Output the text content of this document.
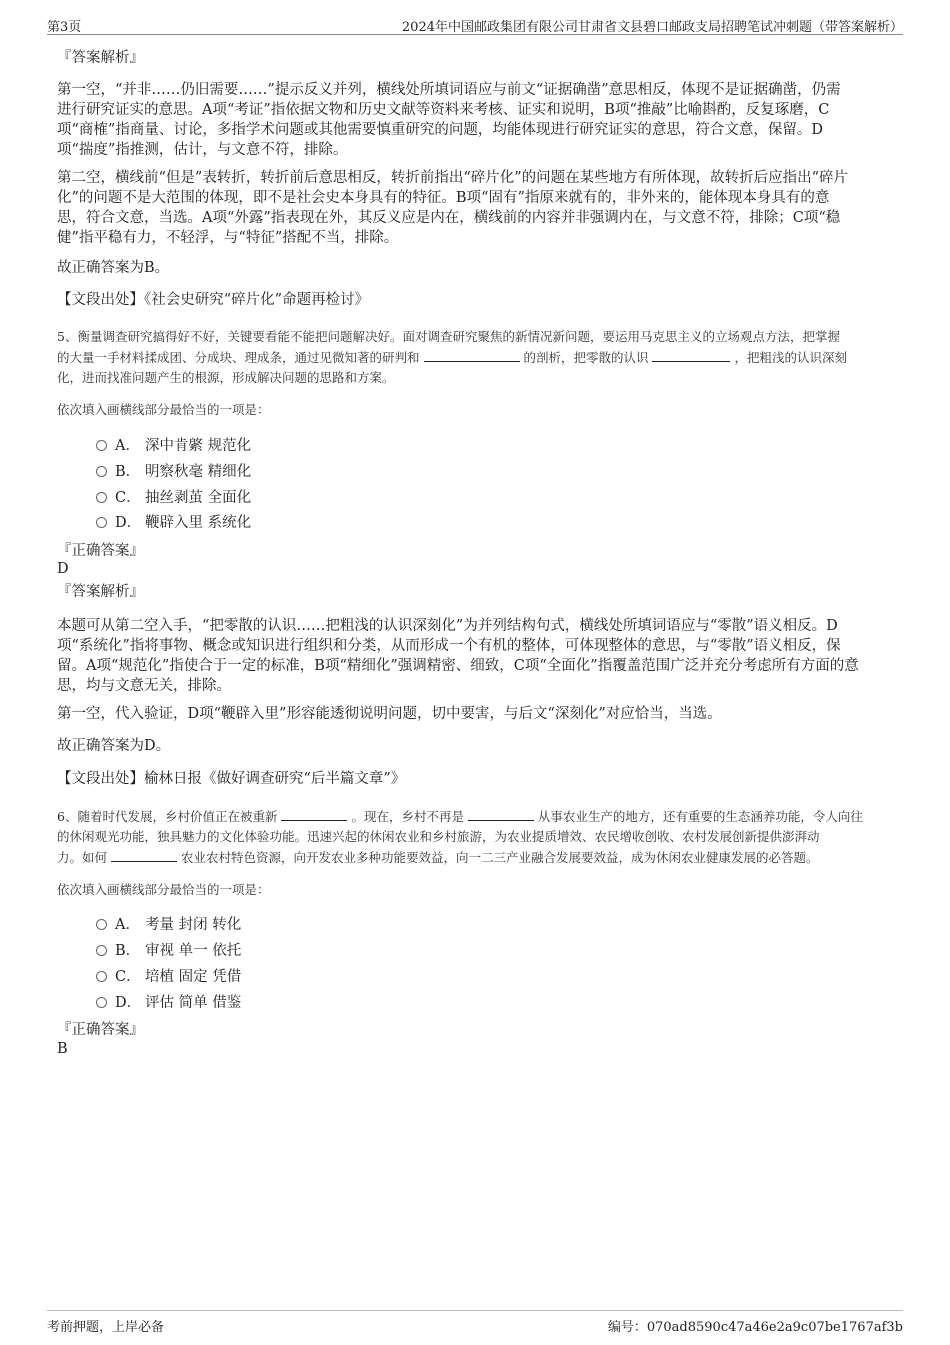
第3页	2024年中国邮政集团有限公司甘肃省文县碧口邮政支局招聘笔试冲刺题（带答案解析）
『答案解析』
第一空，“并非……仍旧需要……”提示反义并列，横线处所填词语应与前文“证据确凿”意思相反，体现不是证据确凿，仍需
进行研究证实的意思。A项“考证”指依据文物和历史文献等资料来考核、证实和说明，B项“推敲”比喻斟酌，反复琢磨，C
项“商榷”指商量、讨论，多指学术问题或其他需要慎重研究的问题，均能体现进行研究证实的意思，符合文意，保留。D
项“揣度”指推测，估计，与文意不符，排除。
第二空，横线前“但是”表转折，转折前后意思相反，转折前指出“碎片化”的问题在某些地方有所体现，故转折后应指出“碎片
化”的问题不是大范围的体现，即不是社会史本身具有的特征。B项“固有”指原来就有的，非外来的，能体现本身具有的意
思，符合文意，当选。A项“外露”指表现在外，其反义应是内在，横线前的内容并非强调内在，与文意不符，排除；C项“稳
健”指平稳有力，不轻浮，与“特征”搭配不当，排除。
故正确答案为B。
【文段出处】《社会史研究“碎片化”命题再检讨》
5、衡量调查研究搞得好不好，关键要看能不能把问题解决好。面对调查研究聚焦的新情况新问题，要运用马克思主义的立场观点方法，把掌握
的大量一手材料揉成团、分成块、理成条，通过见微知著的研判和	的剖析，把零散的认识	，把粗浅的认识深刻
化，进而找准问题产生的根源，形成解决问题的思路和方案。
依次填入画横线部分最恰当的一项是：
A． 深中肯綮 规范化
B． 明察秋毫 精细化
C． 抽丝剥茧 全面化
D． 鞭辟入里 系统化
『正确答案』
D
『答案解析』
本题可从第二空入手，“把零散的认识……把粗浅的认识深刻化”为并列结构句式，横线处所填词语应与“零散”语义相反。D
项“系统化”指将事物、概念或知识进行组织和分类，从而形成一个有机的整体，可体现整体的意思，与“零散”语义相反，保
留。A项“规范化”指使合于一定的标准，B项“精细化”强调精密、细致，C项“全面化”指覆盖范围广泛并充分考虑所有方面的意
思，均与文意无关，排除。
第一空，代入验证，D项“鞭辟入里”形容能透彻说明问题，切中要害，与后文“深刻化”对应恰当，当选。
故正确答案为D。
【文段出处】榆林日报《做好调查研究“后半篇文章”》
6、随着时代发展，乡村价值正在被重新	。现在，乡村不再是	从事农业生产的地方，还有重要的生态涵养功能，令人向往
的休闲观光功能，独具魅力的文化体验功能。迅速兴起的休闲农业和乡村旅游，为农业提质增效、农民增收创收、农村发展创新提供澎湃动
力。如何	农业农村特色资源，向开发农业多种功能要效益，向一二三产业融合发展要效益，成为休闲农业健康发展的必答题。
依次填入画横线部分最恰当的一项是：
A． 考量 封闭 转化
B． 审视 单一 依托
C． 培植 固定 凭借
D． 评估 简单 借鉴
『正确答案』
B
考前押题，上岸必备	编号：070ad8590c47a46e2a9c07be1767af3b
